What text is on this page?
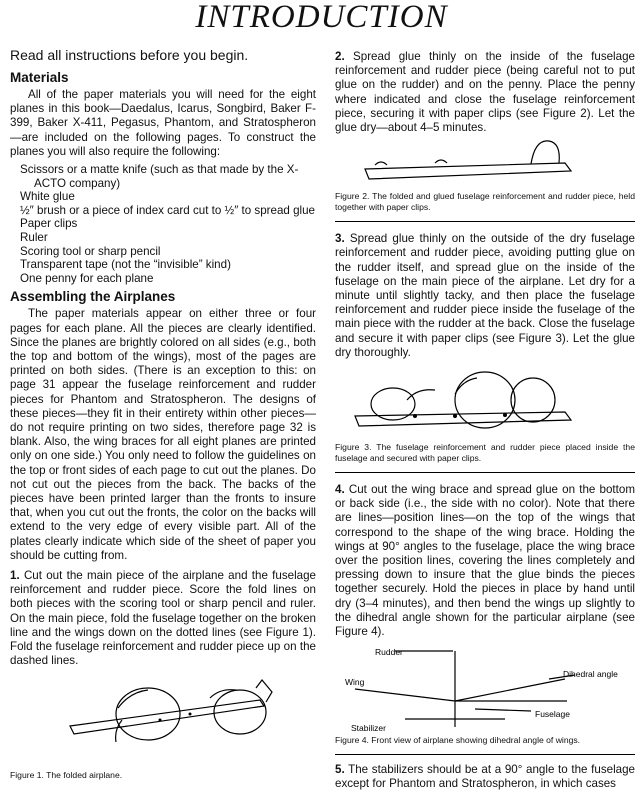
INTRODUCTION

Read all instructions before you begin.

Materials

All of the paper materials you will need for the eight planes in this book—Daedalus, Icarus, Songbird, Baker F-399, Baker X-411, Pegasus, Phantom, and Stratospheron—are included on the following pages. To construct the planes you will also require the following:

Scissors or a matte knife (such as that made by the X-ACTO company)
White glue
½″ brush or a piece of index card cut to ½″ to spread glue
Paper clips
Ruler
Scoring tool or sharp pencil
Transparent tape (not the “invisible” kind)
One penny for each plane
Assembling the Airplanes

The paper materials appear on either three or four pages for each plane. All the pieces are clearly identified. Since the planes are brightly colored on all sides (e.g., both the top and bottom of the wings), most of the pages are printed on both sides. (There is an exception to this: on page 31 appear the fuselage reinforcement and rudder pieces for Phantom and Stratospheron. The designs of these pieces—they fit in their entirety within other pieces—do not require printing on two sides, therefore page 32 is blank. Also, the wing braces for all eight planes are printed only on one side.) You only need to follow the guidelines on the top or front sides of each page to cut out the planes. Do not cut out the pieces from the back. The backs of the pieces have been printed larger than the fronts to insure that, when you cut out the fronts, the color on the backs will extend to the very edge of every visible part. All of the plates clearly indicate which side of the sheet of paper you should be cutting from.

1. Cut out the main piece of the airplane and the fuselage reinforcement and rudder piece. Score the fold lines on both pieces with the scoring tool or sharp pencil and ruler. On the main piece, fold the fuselage together on the broken line and the wings down on the dotted lines (see Figure 1). Fold the fuselage reinforcement and rudder piece up on the dashed lines.

Figure 1. The folded airplane.

2. Spread glue thinly on the inside of the fuselage reinforcement and rudder piece (being careful not to put glue on the rudder) and on the penny. Place the penny where indicated and close the fuselage reinforcement piece, securing it with paper clips (see Figure 2). Let the glue dry—about 4–5 minutes.

Figure 2. The folded and glued fuselage reinforcement and rudder piece, held together with paper clips.

3. Spread glue thinly on the outside of the dry fuselage reinforcement and rudder piece, avoiding putting glue on the rudder itself, and spread glue on the inside of the fuselage on the main piece of the airplane. Let dry for a minute until slightly tacky, and then place the fuselage reinforcement and rudder piece inside the fuselage of the main piece with the rudder at the back. Close the fuselage and secure it with paper clips (see Figure 3). Let the glue dry thoroughly.

Figure 3. The fuselage reinforcement and rudder piece placed inside the fuselage and secured with paper clips.

4. Cut out the wing brace and spread glue on the bottom or back side (i.e., the side with no color). Note that there are lines—position lines—on the top of the wings that correspond to the shape of the wing brace. Holding the wings at 90° angles to the fuselage, place the wing brace over the position lines, covering the lines completely and pressing down to insure that the glue binds the pieces together securely. Hold the pieces in place by hand until dry (3–4 minutes), and then bend the wings up slightly to the dihedral angle shown for the particular airplane (see Figure 4).

Rudder
Wing
Stabilizer
Fuselage
Dihedral angle

Figure 4. Front view of airplane showing dihedral angle of wings.

5. The stabilizers should be at a 90° angle to the fuselage except for Phantom and Stratospheron, in which cases
